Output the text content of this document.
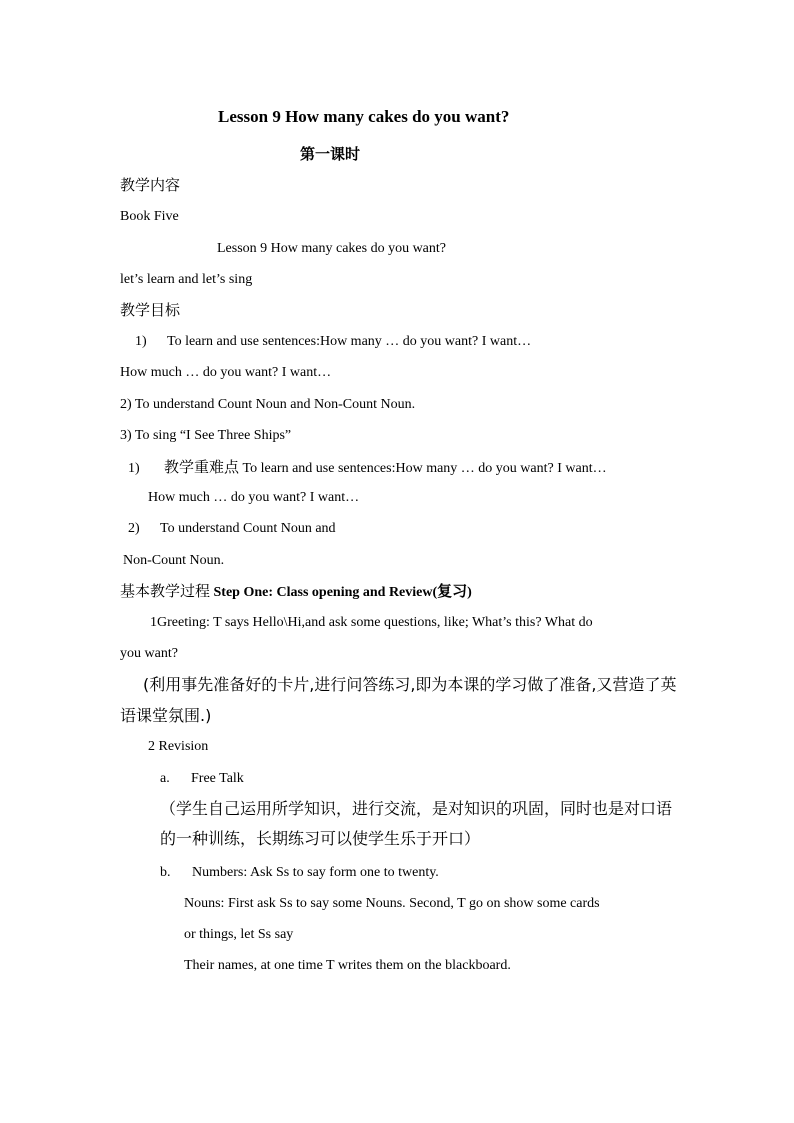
Lesson 9 How many cakes do you want?
第一课时
教学内容
Book Five
Lesson 9 How many cakes do you want?
let’s learn and let’s sing
教学目标
1) To learn and use sentences:How many … do you want? I want…
How much … do you want? I want…
2) To understand Count Noun and Non-Count Noun.
3) To sing “I See Three Ships”
1) 教学重难点 To learn and use sentences:How many … do you want? I want…
How much … do you want? I want…
2) To understand Count Noun and
Non-Count Noun.
基本教学过程 Step One: Class opening and Review(复习)
1Greeting: T says Hello\Hi,and ask some questions, like; What’s this? What do
you want?
(利用事先准备好的卡片,进行问答练习,即为本课的学习做了准备,又营造了英
语课堂氛围.)
2 Revision
a. Free Talk
（学生自己运用所学知识，进行交流，是对知识的巩固，同时也是对口语
的一种训练，长期练习可以使学生乐于开口）
b. Numbers: Ask Ss to say form one to twenty.
Nouns: First ask Ss to say some Nouns. Second, T go on show some cards
or things, let Ss say
Their names, at one time T writes them on the blackboard.
